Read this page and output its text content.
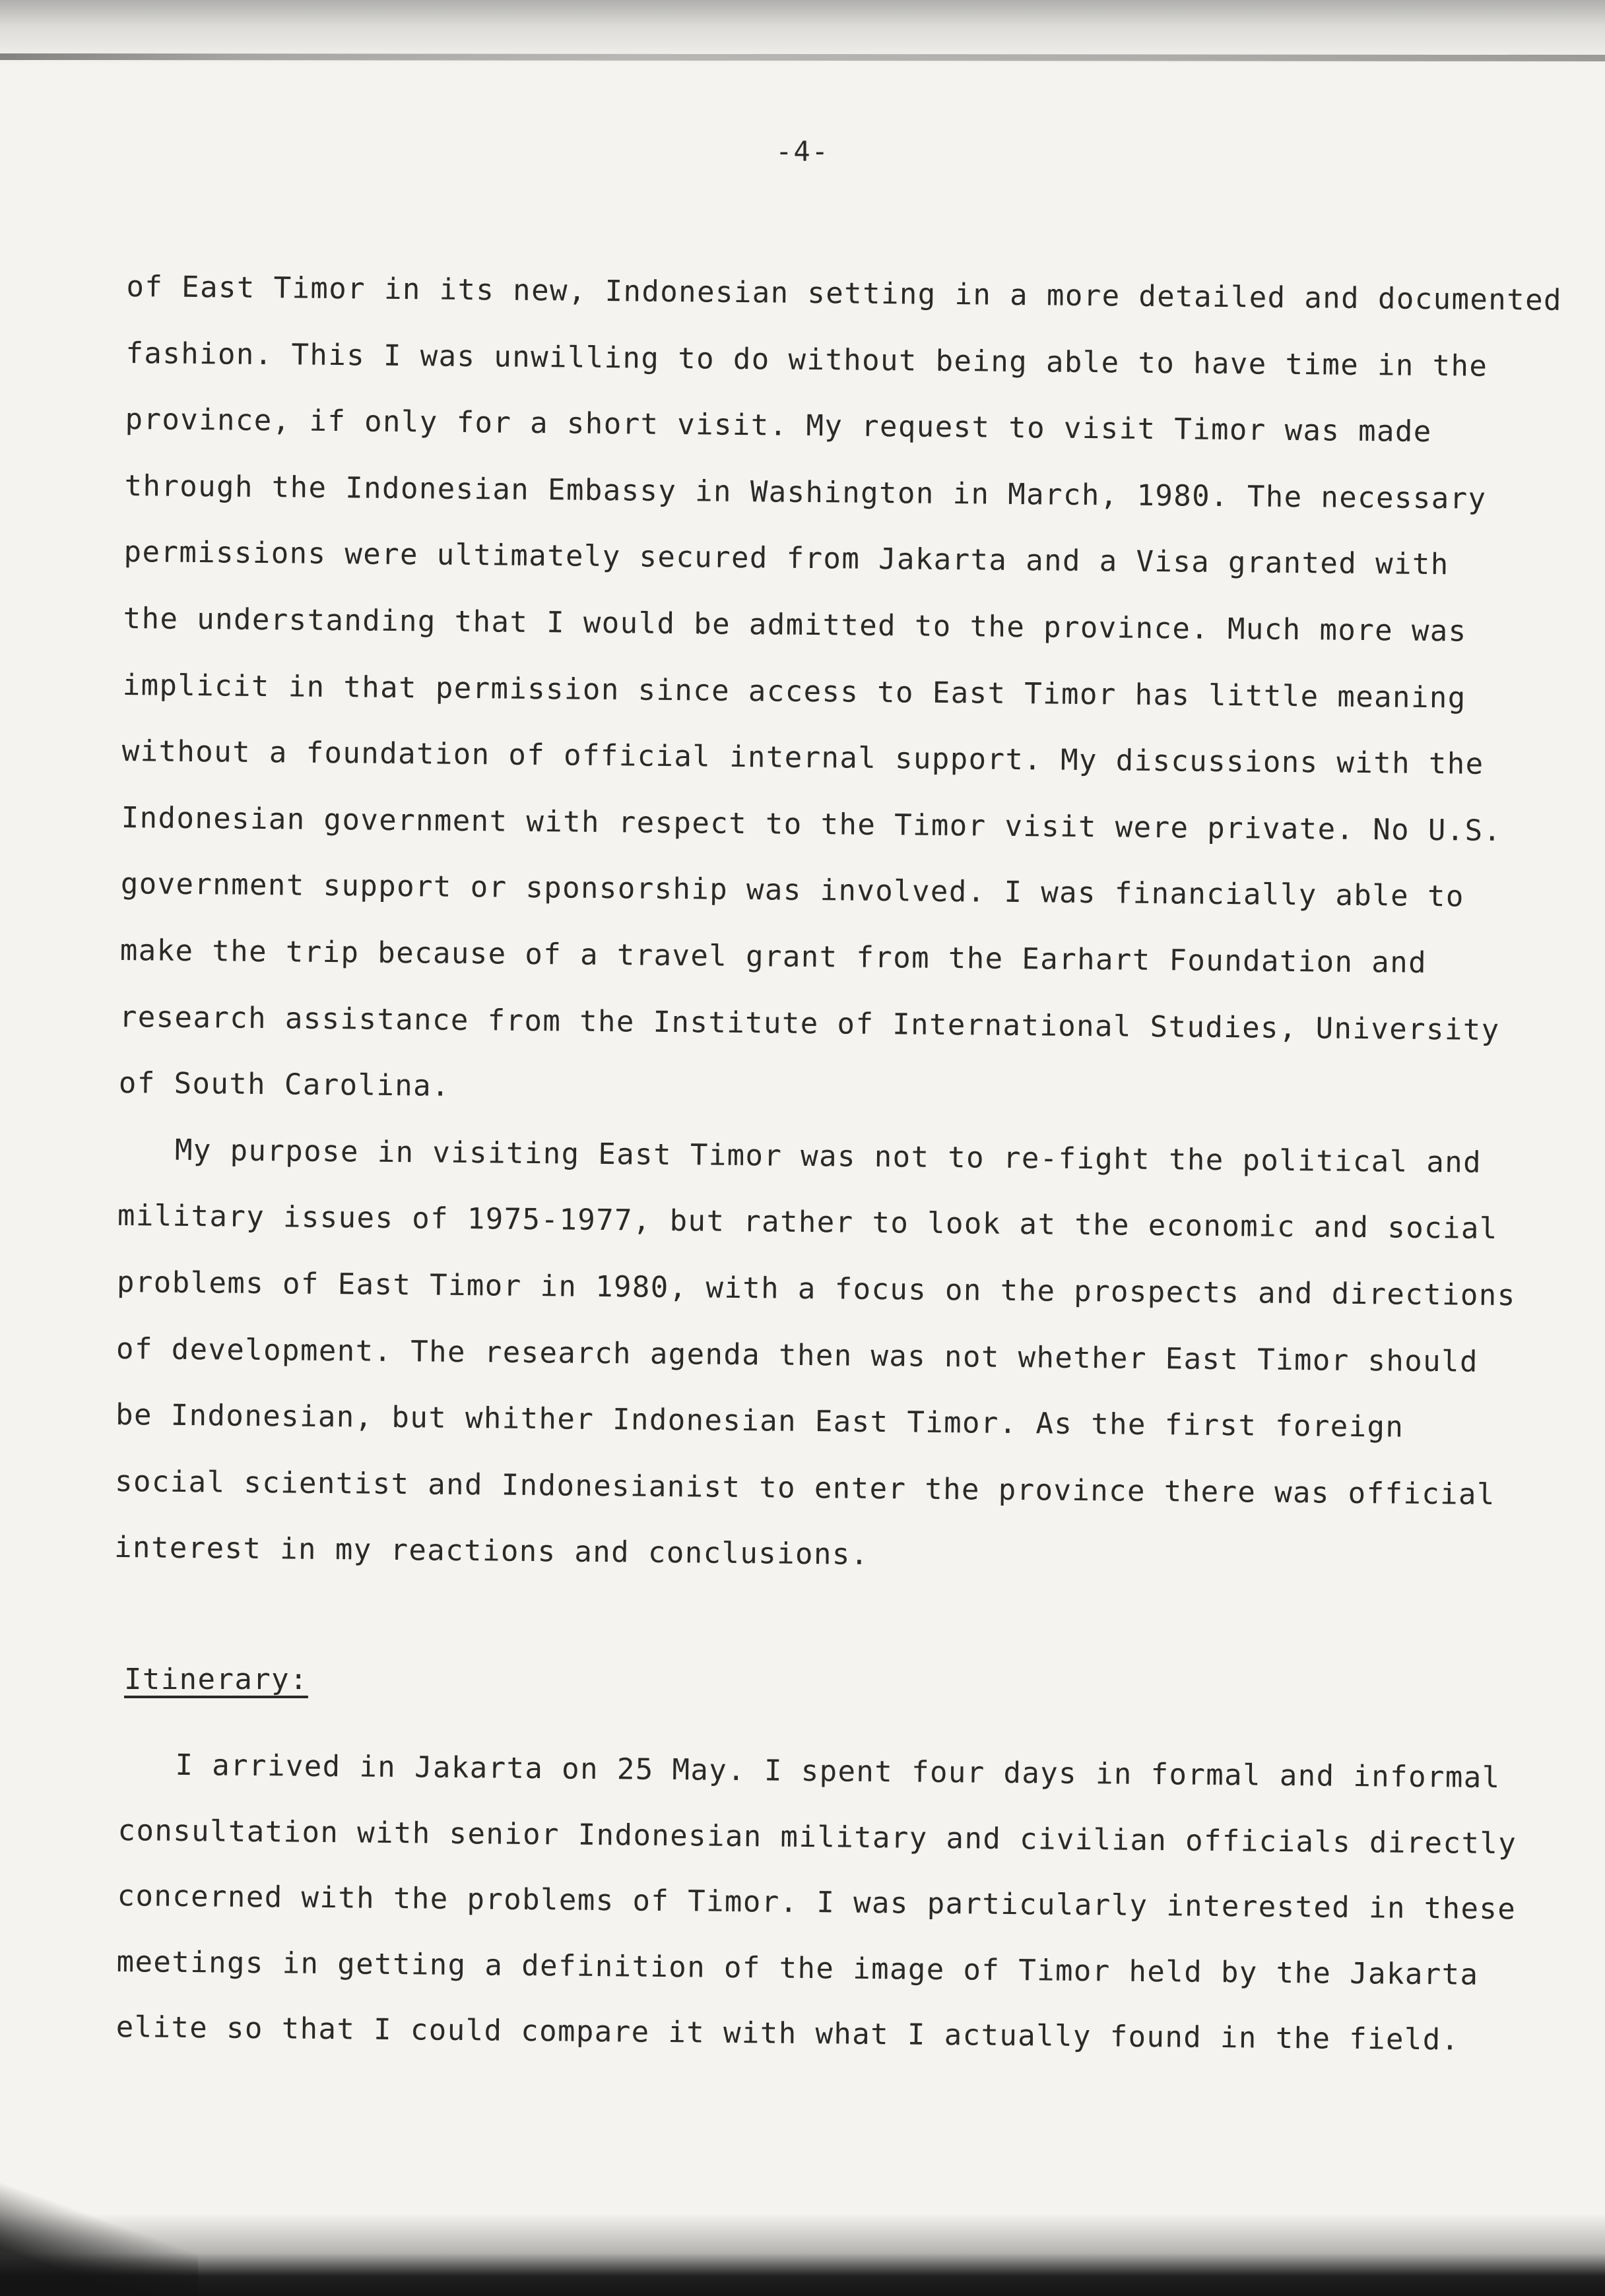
-4-
of East Timor in its new, Indonesian setting in a more detailed and documented
fashion. This I was unwilling to do without being able to have time in the
province, if only for a short visit. My request to visit Timor was made
through the Indonesian Embassy in Washington in March, 1980. The necessary
permissions were ultimately secured from Jakarta and a Visa granted with
the understanding that I would be admitted to the province. Much more was
implicit in that permission since access to East Timor has little meaning
without a foundation of official internal support. My discussions with the
Indonesian government with respect to the Timor visit were private. No U.S.
government support or sponsorship was involved. I was financially able to
make the trip because of a travel grant from the Earhart Foundation and
research assistance from the Institute of International Studies, University
of South Carolina.
My purpose in visiting East Timor was not to re-fight the political and
military issues of 1975-1977, but rather to look at the economic and social
problems of East Timor in 1980, with a focus on the prospects and directions
of development. The research agenda then was not whether East Timor should
be Indonesian, but whither Indonesian East Timor. As the first foreign
social scientist and Indonesianist to enter the province there was official
interest in my reactions and conclusions.
Itinerary:
I arrived in Jakarta on 25 May. I spent four days in formal and informal
consultation with senior Indonesian military and civilian officials directly
concerned with the problems of Timor. I was particularly interested in these
meetings in getting a definition of the image of Timor held by the Jakarta
elite so that I could compare it with what I actually found in the field.
